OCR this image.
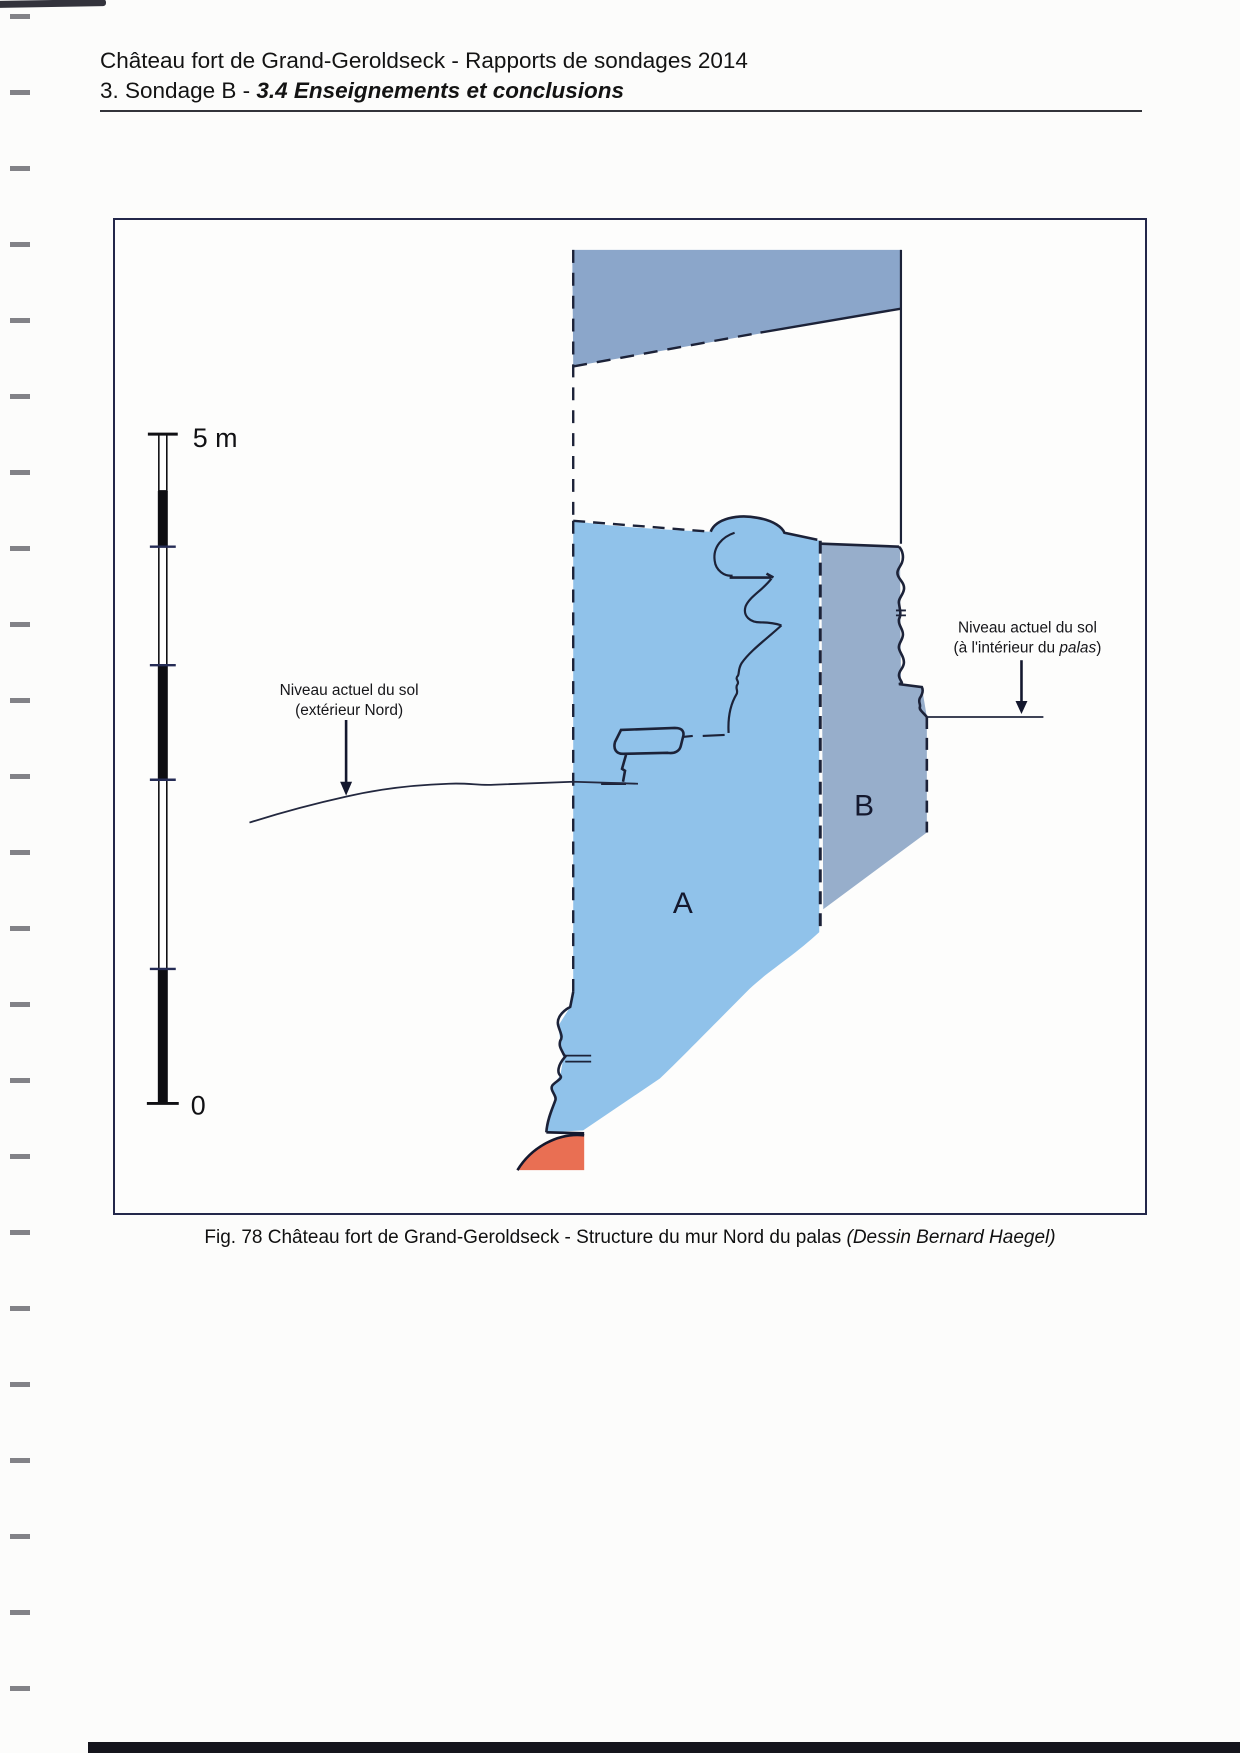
Château fort de Grand-Geroldseck - Rapports de sondages 2014
3. Sondage B - 3.4 Enseignements et conclusions
Niveau actuel du sol
(extérieur Nord)
Niveau actuel du sol
(à l'intérieur du palas)
A
B
5 m
0
Fig. 78 Château fort de Grand-Geroldseck - Structure du mur Nord du palas (Dessin Bernard Haegel)
